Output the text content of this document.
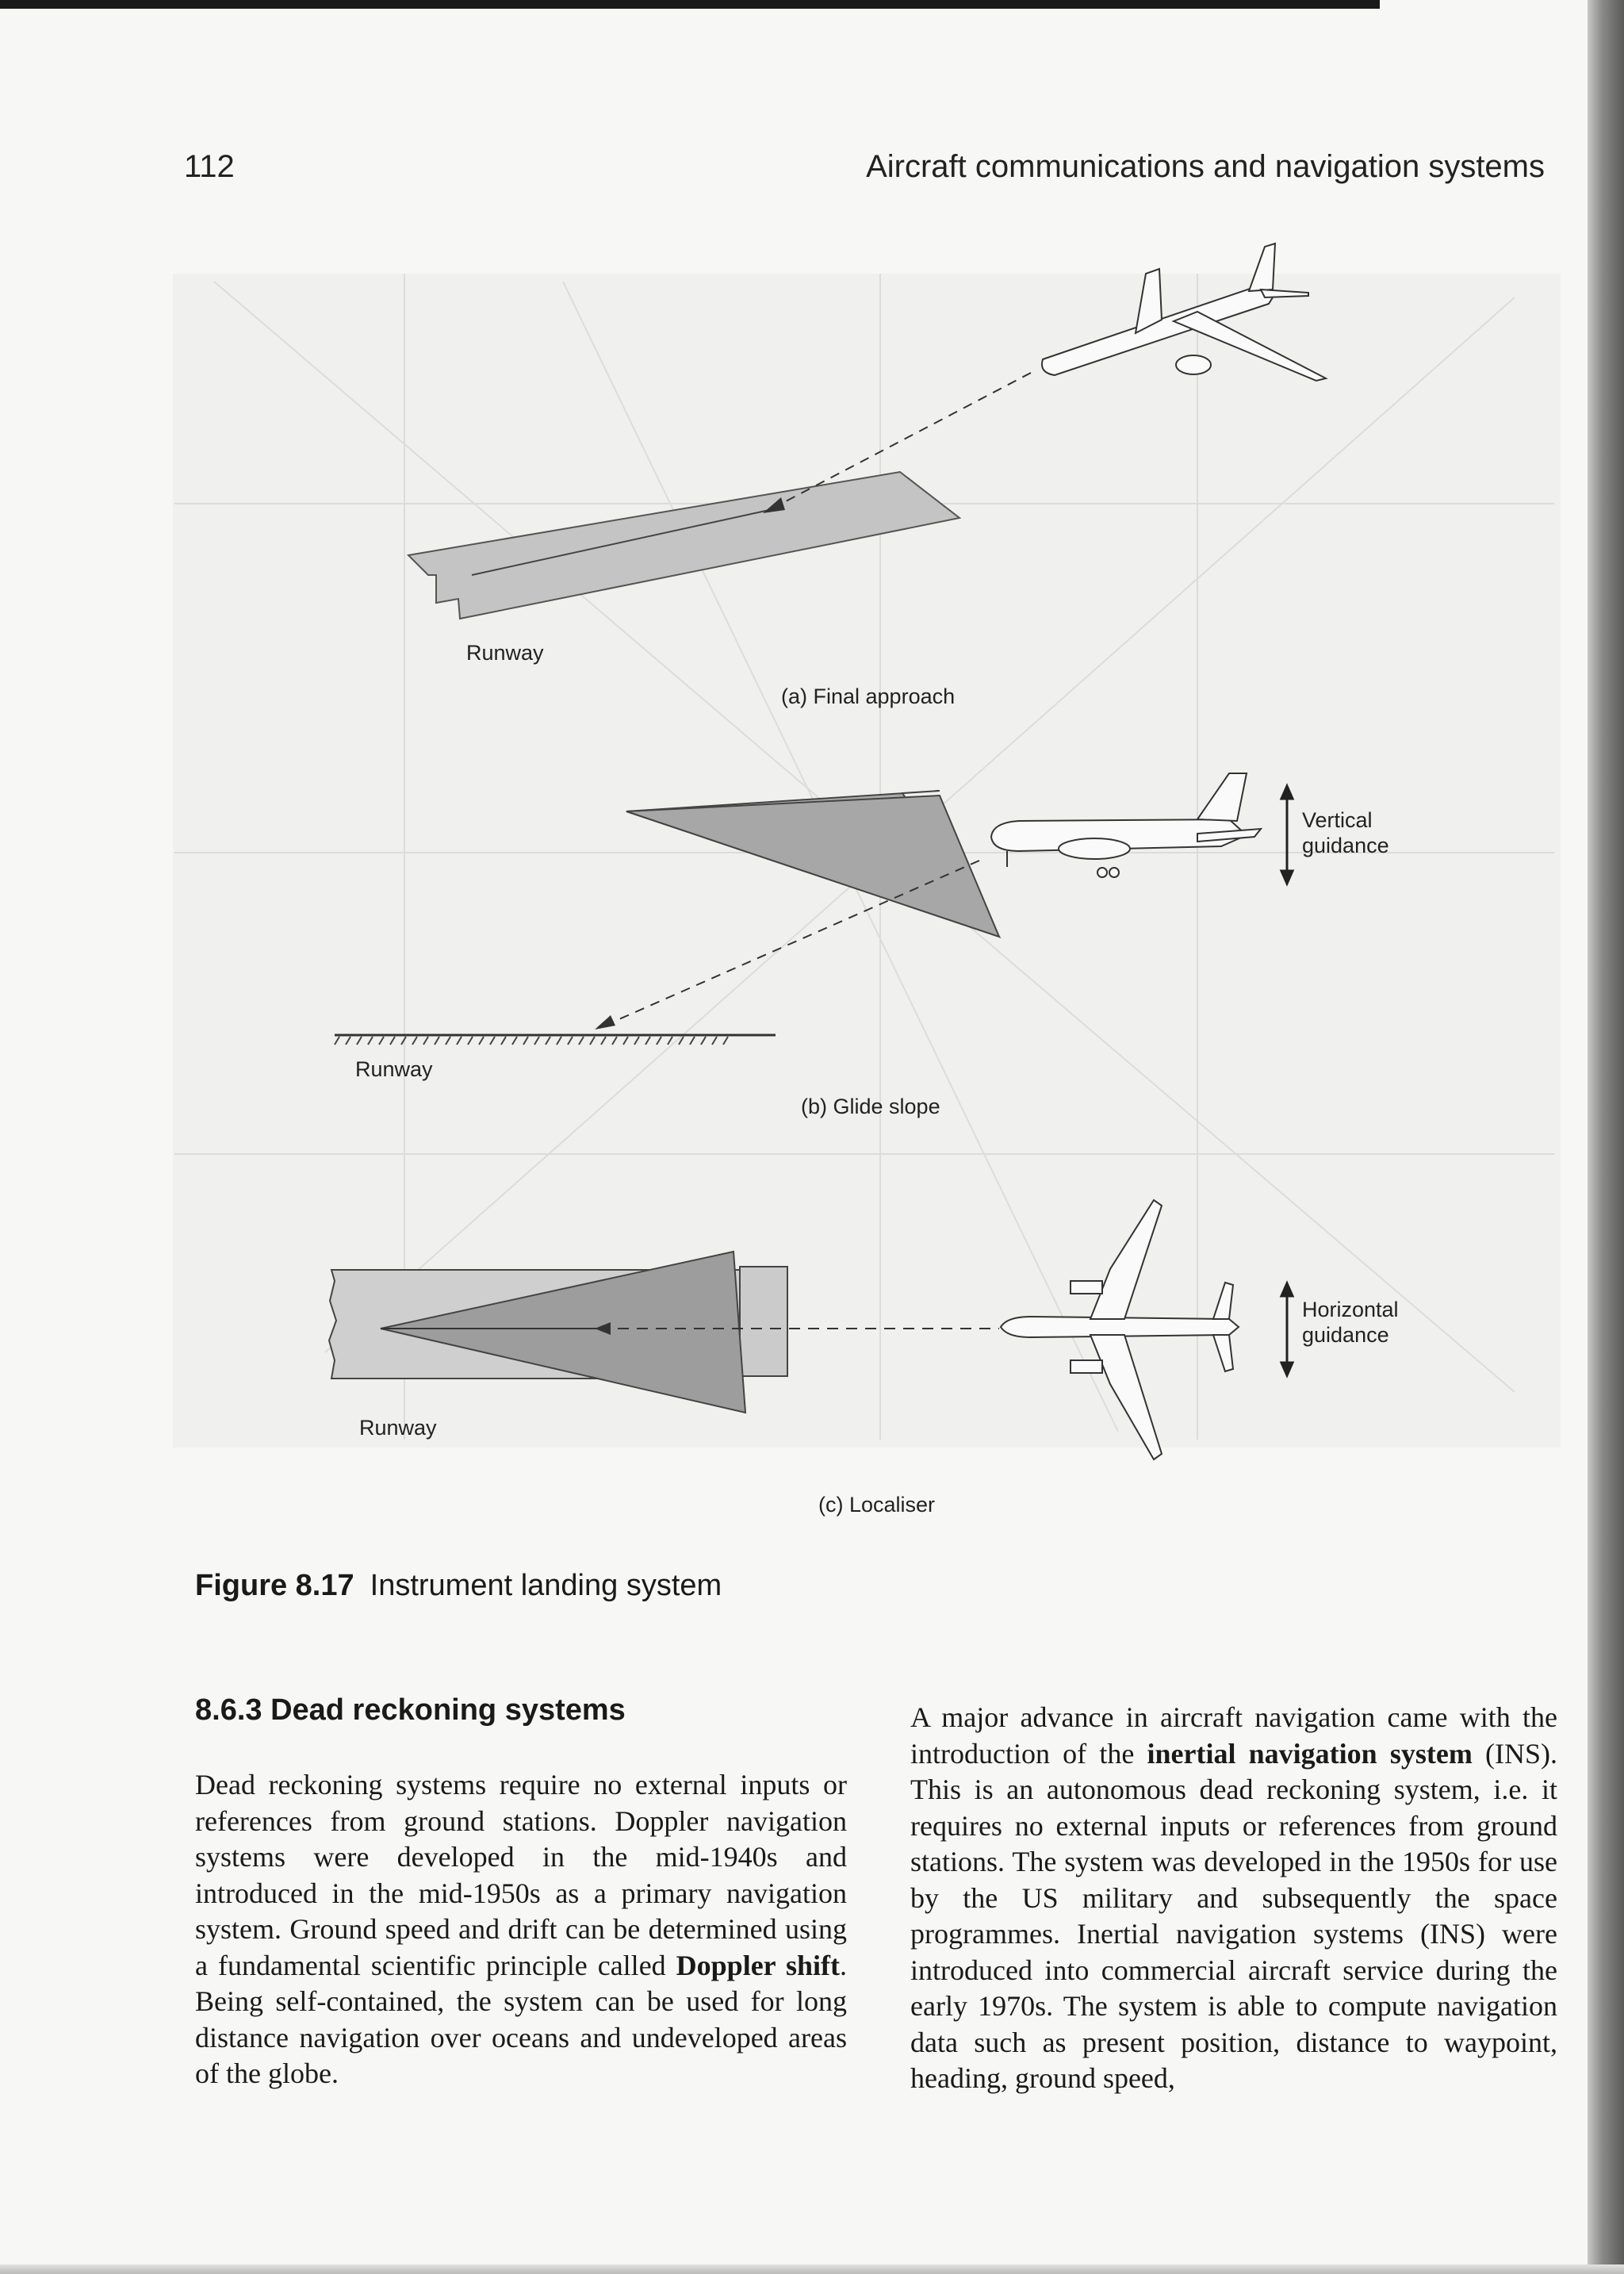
112	Aircraft communications and navigation systems
Runway
(a) Final approach
Vertical
guidance
Runway
(b) Glide slope
Horizontal
guidance
Runway
(c) Localiser
Figure 8.17 Instrument landing system
8.6.3 Dead reckoning systems

Dead reckoning systems require no external inputs or references from ground stations. Doppler navigation systems were developed in the mid-1940s and introduced in the mid-1950s as a primary navigation system. Ground speed and drift can be determined using a fundamental scientific principle called Doppler shift. Being self-contained, the system can be used for long distance navigation over oceans and undeveloped areas of the globe.

A major advance in aircraft navigation came with the introduction of the inertial navigation system (INS). This is an autonomous dead reckoning system, i.e. it requires no external inputs or references from ground stations. The system was developed in the 1950s for use by the US military and subsequently the space programmes. Inertial navigation systems (INS) were introduced into commercial aircraft service during the early 1970s. The system is able to compute navigation data such as present position, distance to waypoint, heading, ground speed,
